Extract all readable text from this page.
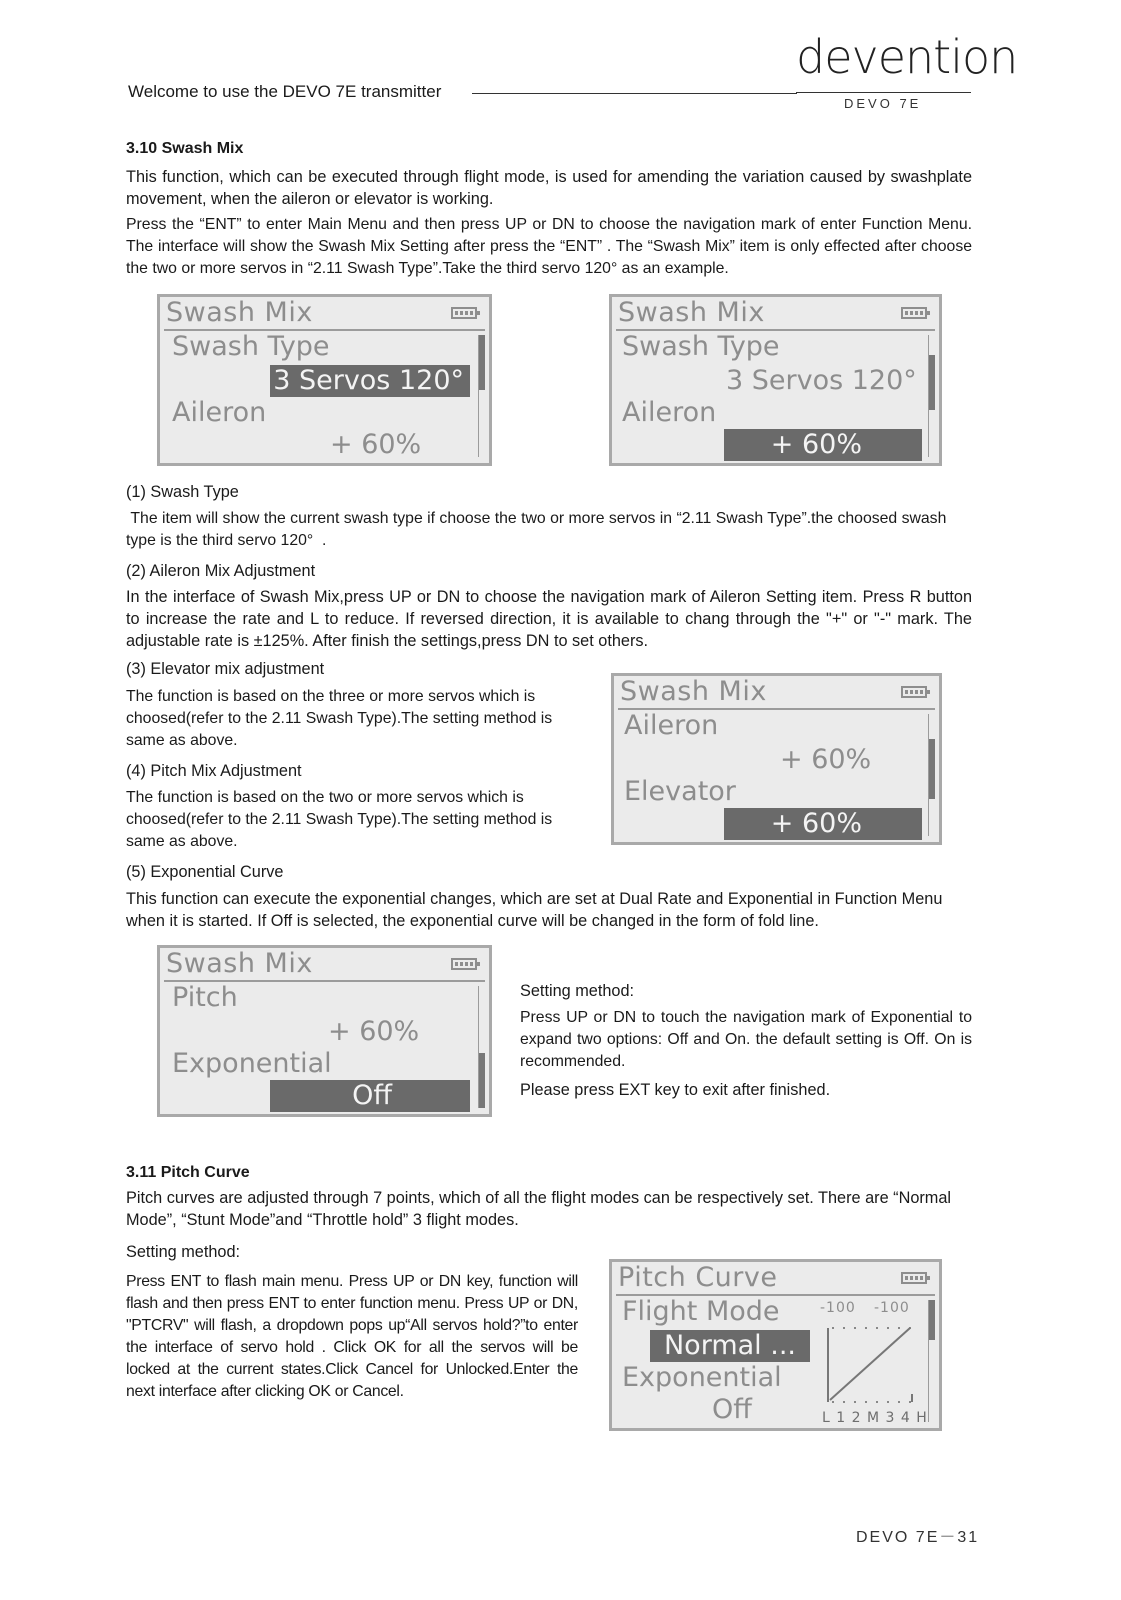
Welcome to use the DEVO 7E transmitter
devention
DEVO 7E
3.10 Swash Mix
This function, which can be executed through flight mode, is used for amending the variation caused by swashplate movement, when the aileron or elevator is working.
Press the “ENT” to enter Main Menu and then press UP or DN to choose the navigation mark of enter Function Menu. The interface will show the Swash Mix Setting after press the “ENT” . The “Swash Mix” item is only effected after choose the two or more servos in “2.11 Swash Type”.Take the third servo 120° as an example.
Swash Mix
Swash Type
3 Servos 120°
Aileron
+ 60%
Swash Mix
Swash Type
3 Servos 120°
Aileron
+ 60%
(1) Swash Type
The item will show the current swash type if choose the two or more servos in “2.11 Swash Type”.the choosed swash type is the third servo 120°  .
(2) Aileron Mix Adjustment
In the interface of Swash Mix,press UP or DN to choose the navigation mark of Aileron Setting item. Press R button to increase the rate and L to reduce. If reversed direction, it is available to chang through the "+" or "-" mark. The adjustable rate is ±125%. After finish the settings,press DN to set others.
(3) Elevator mix adjustment
The function is based on the three or more servos which is choosed(refer to the 2.11 Swash Type).The setting method is same as above.
(4) Pitch Mix Adjustment
The function is based on the two or more servos which is choosed(refer to the 2.11 Swash Type).The setting method is same as above.
Swash Mix
Aileron
+ 60%
Elevator
+ 60%
(5) Exponential Curve
This function can execute the exponential changes, which are set at Dual Rate and Exponential in Function Menu when it is started. If Off is selected, the exponential curve will be changed in the form of fold line.
Swash Mix
Pitch
+ 60%
Exponential
Off
Setting method:
Press UP or DN to touch the navigation mark of Exponential to expand two options: Off and On. the default setting is Off. On is recommended.
Please press EXT key to exit after finished.
3.11 Pitch Curve
Pitch curves are adjusted through 7 points, which of all the flight modes can be respectively set. There are “Normal Mode”, “Stunt Mode”and “Throttle hold” 3 flight modes.
Setting method:
Press ENT to flash main menu. Press UP or DN key, function will flash and then press ENT to enter function menu. Press UP or DN, "PTCRV" will flash, a dropdown pops up“All servos hold?”to enter the interface of servo hold . Click OK for all the servos will be locked at the current states.Click Cancel for Unlocked.Enter the next interface after clicking OK or Cancel.
Pitch Curve
Flight Mode
Normal ...
Exponential
Off
-100 -100
L 1 2 M 3 4 H
DEVO 7E－31
